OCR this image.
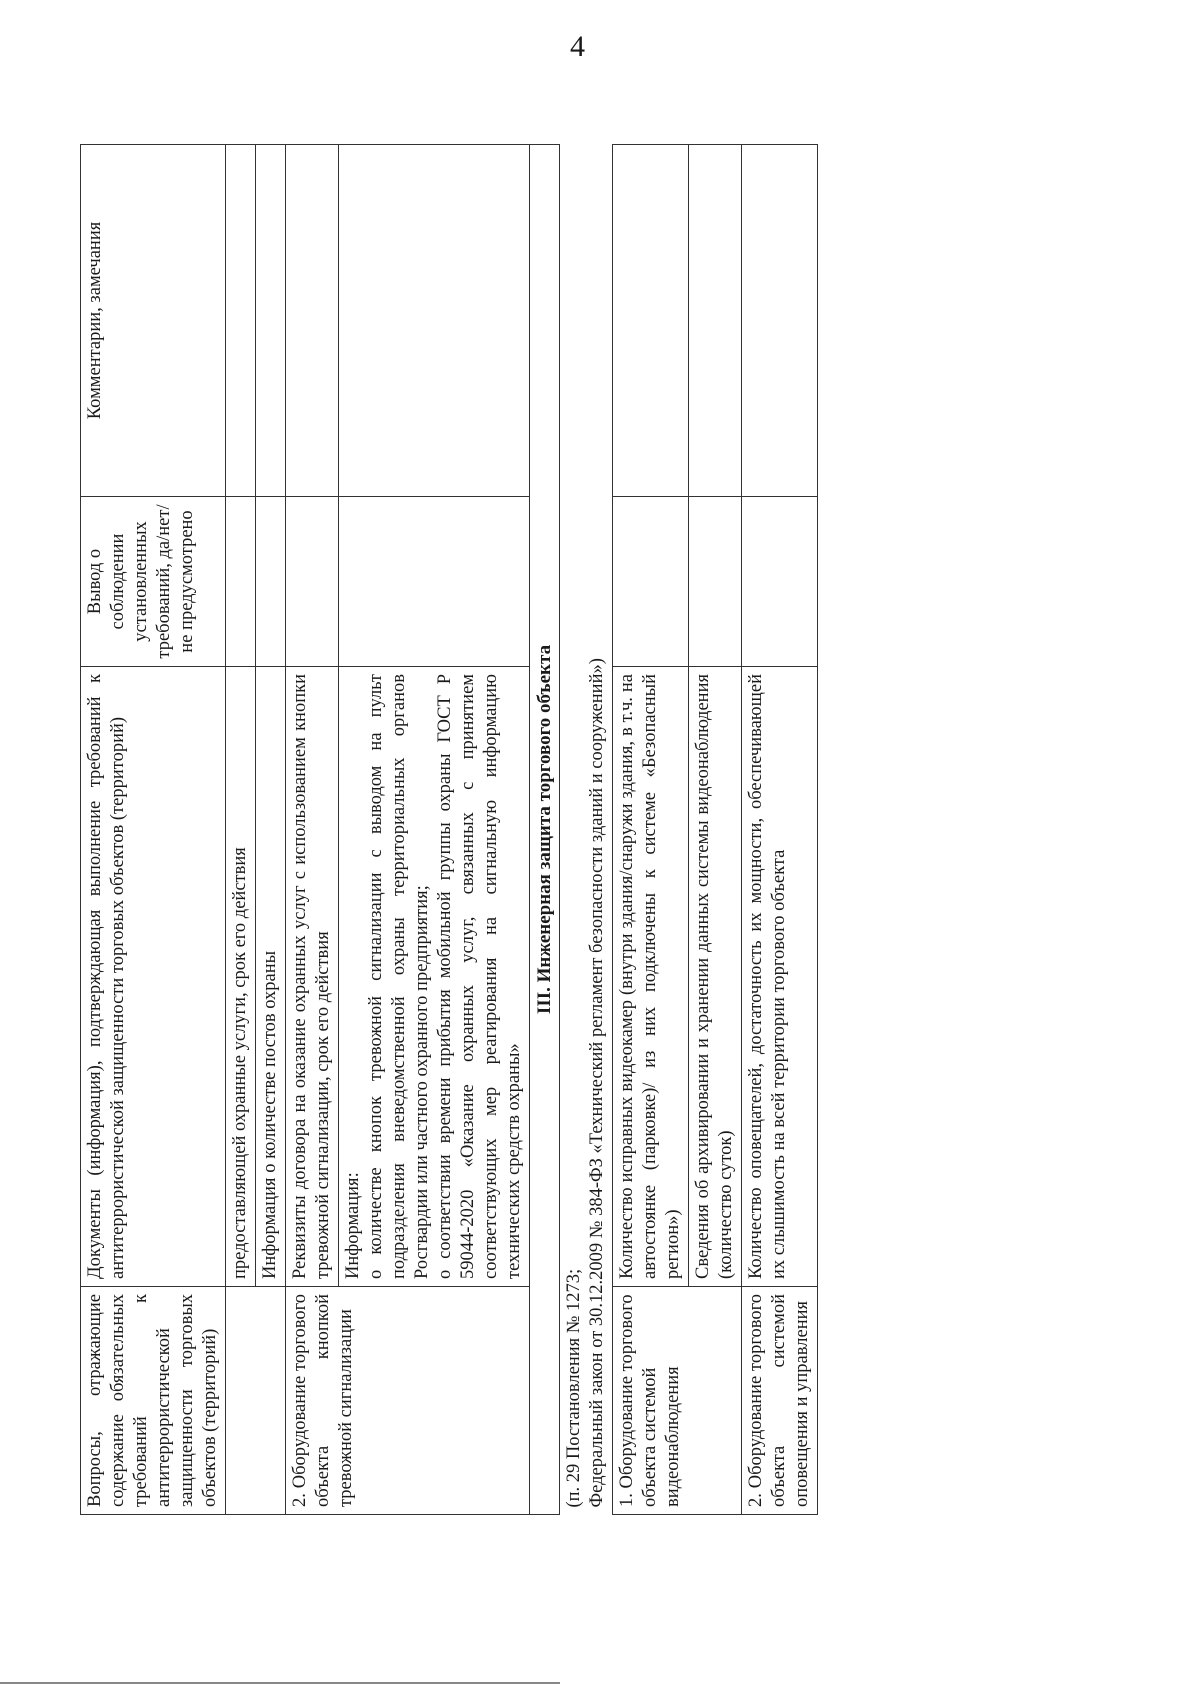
4
Вопросы, отражающие содержание обязательных требований к антитеррористической защищенности торговых объектов (территорий)	Документы (информация), подтверждающая выполнение требований к антитеррористической защищенности торговых объектов (территорий)	Вывод о соблюдении установленных требований, да/нет/не предусмотрено	Комментарии, замечания
	предоставляющей охранные услуги, срок его действия		
	Информация о количестве постов охраны		
2. Оборудование торгового объекта кнопкой тревожной сигнализации	Реквизиты договора на оказание охранных услуг с использованием кнопки тревожной сигнализации, срок его действия		

	Информация: о количестве кнопок тревожной сигнализации с выводом на пульт подразделения вневедомственной охраны территориальных органов Росгвардии или частного охранного предприятия; о соответствии времени прибытия мобильной группы охраны ГОСТ Р 59044-2020 «Оказание охранных услуг, связанных с принятием соответствующих мер реагирования на сигнальную информацию технических средств охраны»		

III. Инженерная защита торгового объекта			

(п. 29 Постановления № 1273; Федеральный закон от 30.12.2009 № 384-ФЗ «Технический регламент безопасности зданий и сооружений»)			

1. Оборудование торгового объекта системой видеонаблюдения	Количество исправных видеокамер (внутри здания/снаружи здания, в т.ч. на автостоянке (парковке)/ из них подключены к системе «Безопасный регион»)		
	Сведения об архивировании и хранении данных системы видеонаблюдения (количество суток)		
2. Оборудование торгового объекта системой оповещения и управления	Количество оповещателей, достаточность их мощности, обеспечивающей их слышимость на всей территории торгового объекта		
